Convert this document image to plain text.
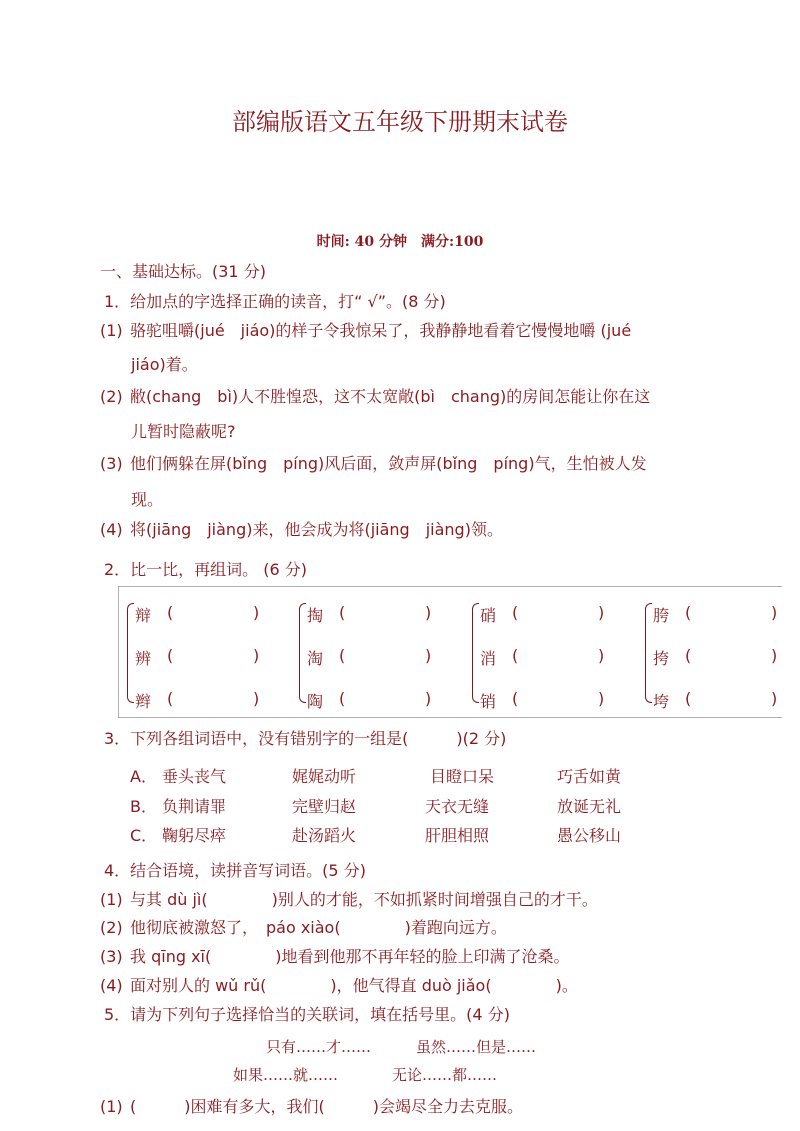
部编版语文五年级下册期末试卷
时间: 40 分钟　满分:100
一、基础达标。(31 分)
1．给加点的字选择正确的读音，打“ √”。(8 分)
(1) 骆驼咀嚼(jué　jiáo)的样子令我惊呆了，我静静地看着它慢慢地嚼 (jué
jiáo)着。
(2) 敝(chang　bì)人不胜惶恐，这不太宽敞(bì　chang)的房间怎能让你在这
儿暂时隐蔽呢?
(3) 他们俩躲在屏(bǐng　píng)风后面，敛声屏(bǐng　píng)气，生怕被人发
现。
(4) 将(jiāng　jiàng)来，他会成为将(jiāng　jiàng)领。
2．比一比，再组词。 (6 分)
辩 (	)
辨 (	)
辫 (	)
掏 (	)
淘 (	)
陶 (	)
硝 (	)
消 (	)
销 (	)
胯 (	)
挎 (	)
垮 (	)
3．下列各组词语中，没有错别字的一组是(　　　)(2 分)
A． 垂头丧气	娓娓动听	目瞪口呆	巧舌如黄
B． 负荆请罪	完壁归赵	天衣无缝	放诞无礼
C． 鞠躬尽瘁	赴汤蹈火	肝胆相照	愚公移山
4．结合语境，读拼音写词语。(5 分)
(1) 与其 dù jì(　　　　)别人的才能，不如抓紧时间增强自己的才干。
(2) 他彻底被激怒了，　páo xiào(　　　　)着跑向远方。
(3) 我 qīng xī(　　　　)地看到他那不再年轻的脸上印满了沧桑。
(4) 面对别人的 wǔ rǔ(　　　　)，他气得直 duò jiǎo(　　　　)。
5．请为下列句子选择恰当的关联词，填在括号里。(4 分)
只有……才……	虽然……但是……
如果……就……	无论……都……
(1) (　　　)困难有多大，我们(　　　)会竭尽全力去克服。
